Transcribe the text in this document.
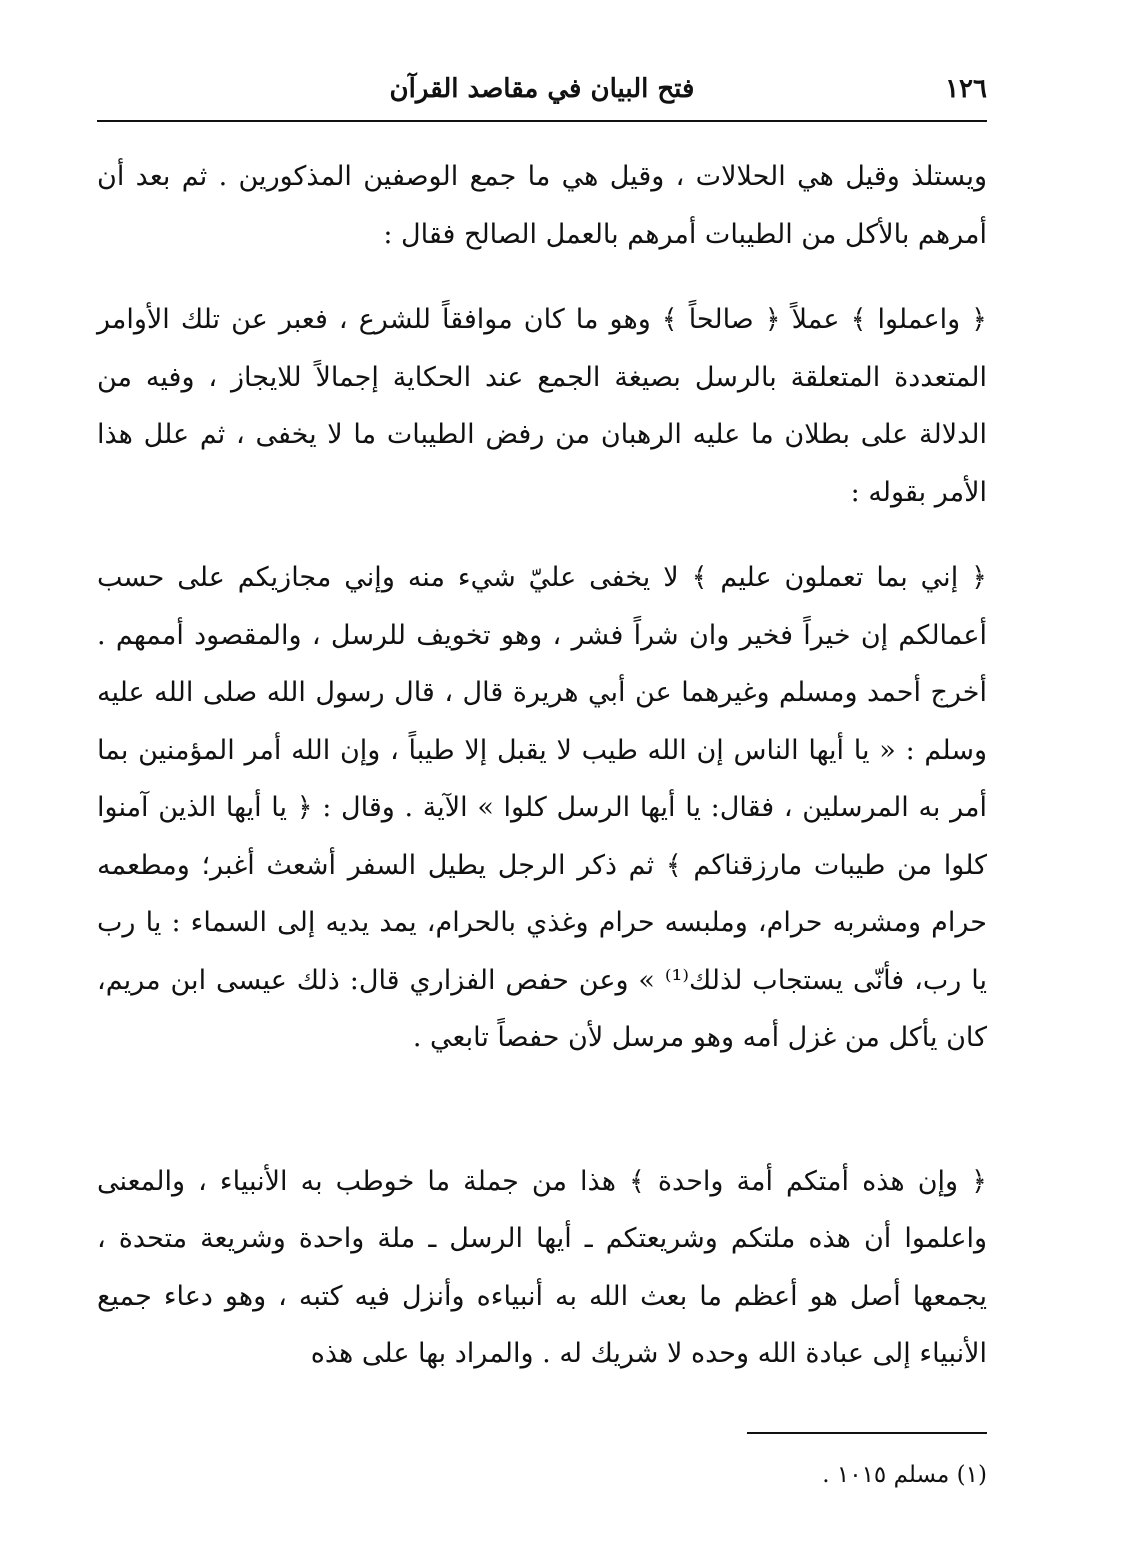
١٢٦
فتح البيان في مقاصد القرآن

ويستلذ وقيل هي الحلالات ، وقيل هي ما جمع الوصفين المذكورين . ثم بعد أن أمرهم بالأكل من الطيبات أمرهم بالعمل الصالح فقال :

﴿ واعملوا ﴾ عملاً ﴿ صالحاً ﴾ وهو ما كان موافقاً للشرع ، فعبر عن تلك الأوامر المتعددة المتعلقة بالرسل بصيغة الجمع عند الحكاية إجمالاً للايجاز ، وفيه من الدلالة على بطلان ما عليه الرهبان من رفض الطيبات ما لا يخفى ، ثم علل هذا الأمر بقوله :

﴿ إني بما تعملون عليم ﴾ لا يخفى عليّ شيء منه وإني مجازيكم على حسب أعمالكم إن خيراً فخير وان شراً فشر ، وهو تخويف للرسل ، والمقصود أممهم . أخرج أحمد ومسلم وغيرهما عن أبي هريرة قال ، قال رسول الله صلى الله عليه وسلم : « يا أيها الناس إن الله طيب لا يقبل إلا طيباً ، وإن الله أمر المؤمنين بما أمر به المرسلين ، فقال: يا أيها الرسل كلوا » الآية . وقال : ﴿ يا أيها الذين آمنوا كلوا من طيبات مارزقناكم ﴾ ثم ذكر الرجل يطيل السفر أشعث أغبر؛ ومطعمه حرام ومشربه حرام، وملبسه حرام وغذي بالحرام، يمد يديه إلى السماء : يا رب يا رب، فأنّى يستجاب لذلك⁽¹⁾ » وعن حفص الفزاري قال: ذلك عيسى ابن مريم، كان يأكل من غزل أمه وهو مرسل لأن حفصاً تابعي .

﴿ وإن هذه أمتكم أمة واحدة ﴾ هذا من جملة ما خوطب به الأنبياء ، والمعنى واعلموا أن هذه ملتكم وشريعتكم ـ أيها الرسل ـ ملة واحدة وشريعة متحدة ، يجمعها أصل هو أعظم ما بعث الله به أنبياءه وأنزل فيه كتبه ، وهو دعاء جميع الأنبياء إلى عبادة الله وحده لا شريك له . والمراد بها على هذه

(١) مسلم ١٠١٥ .
